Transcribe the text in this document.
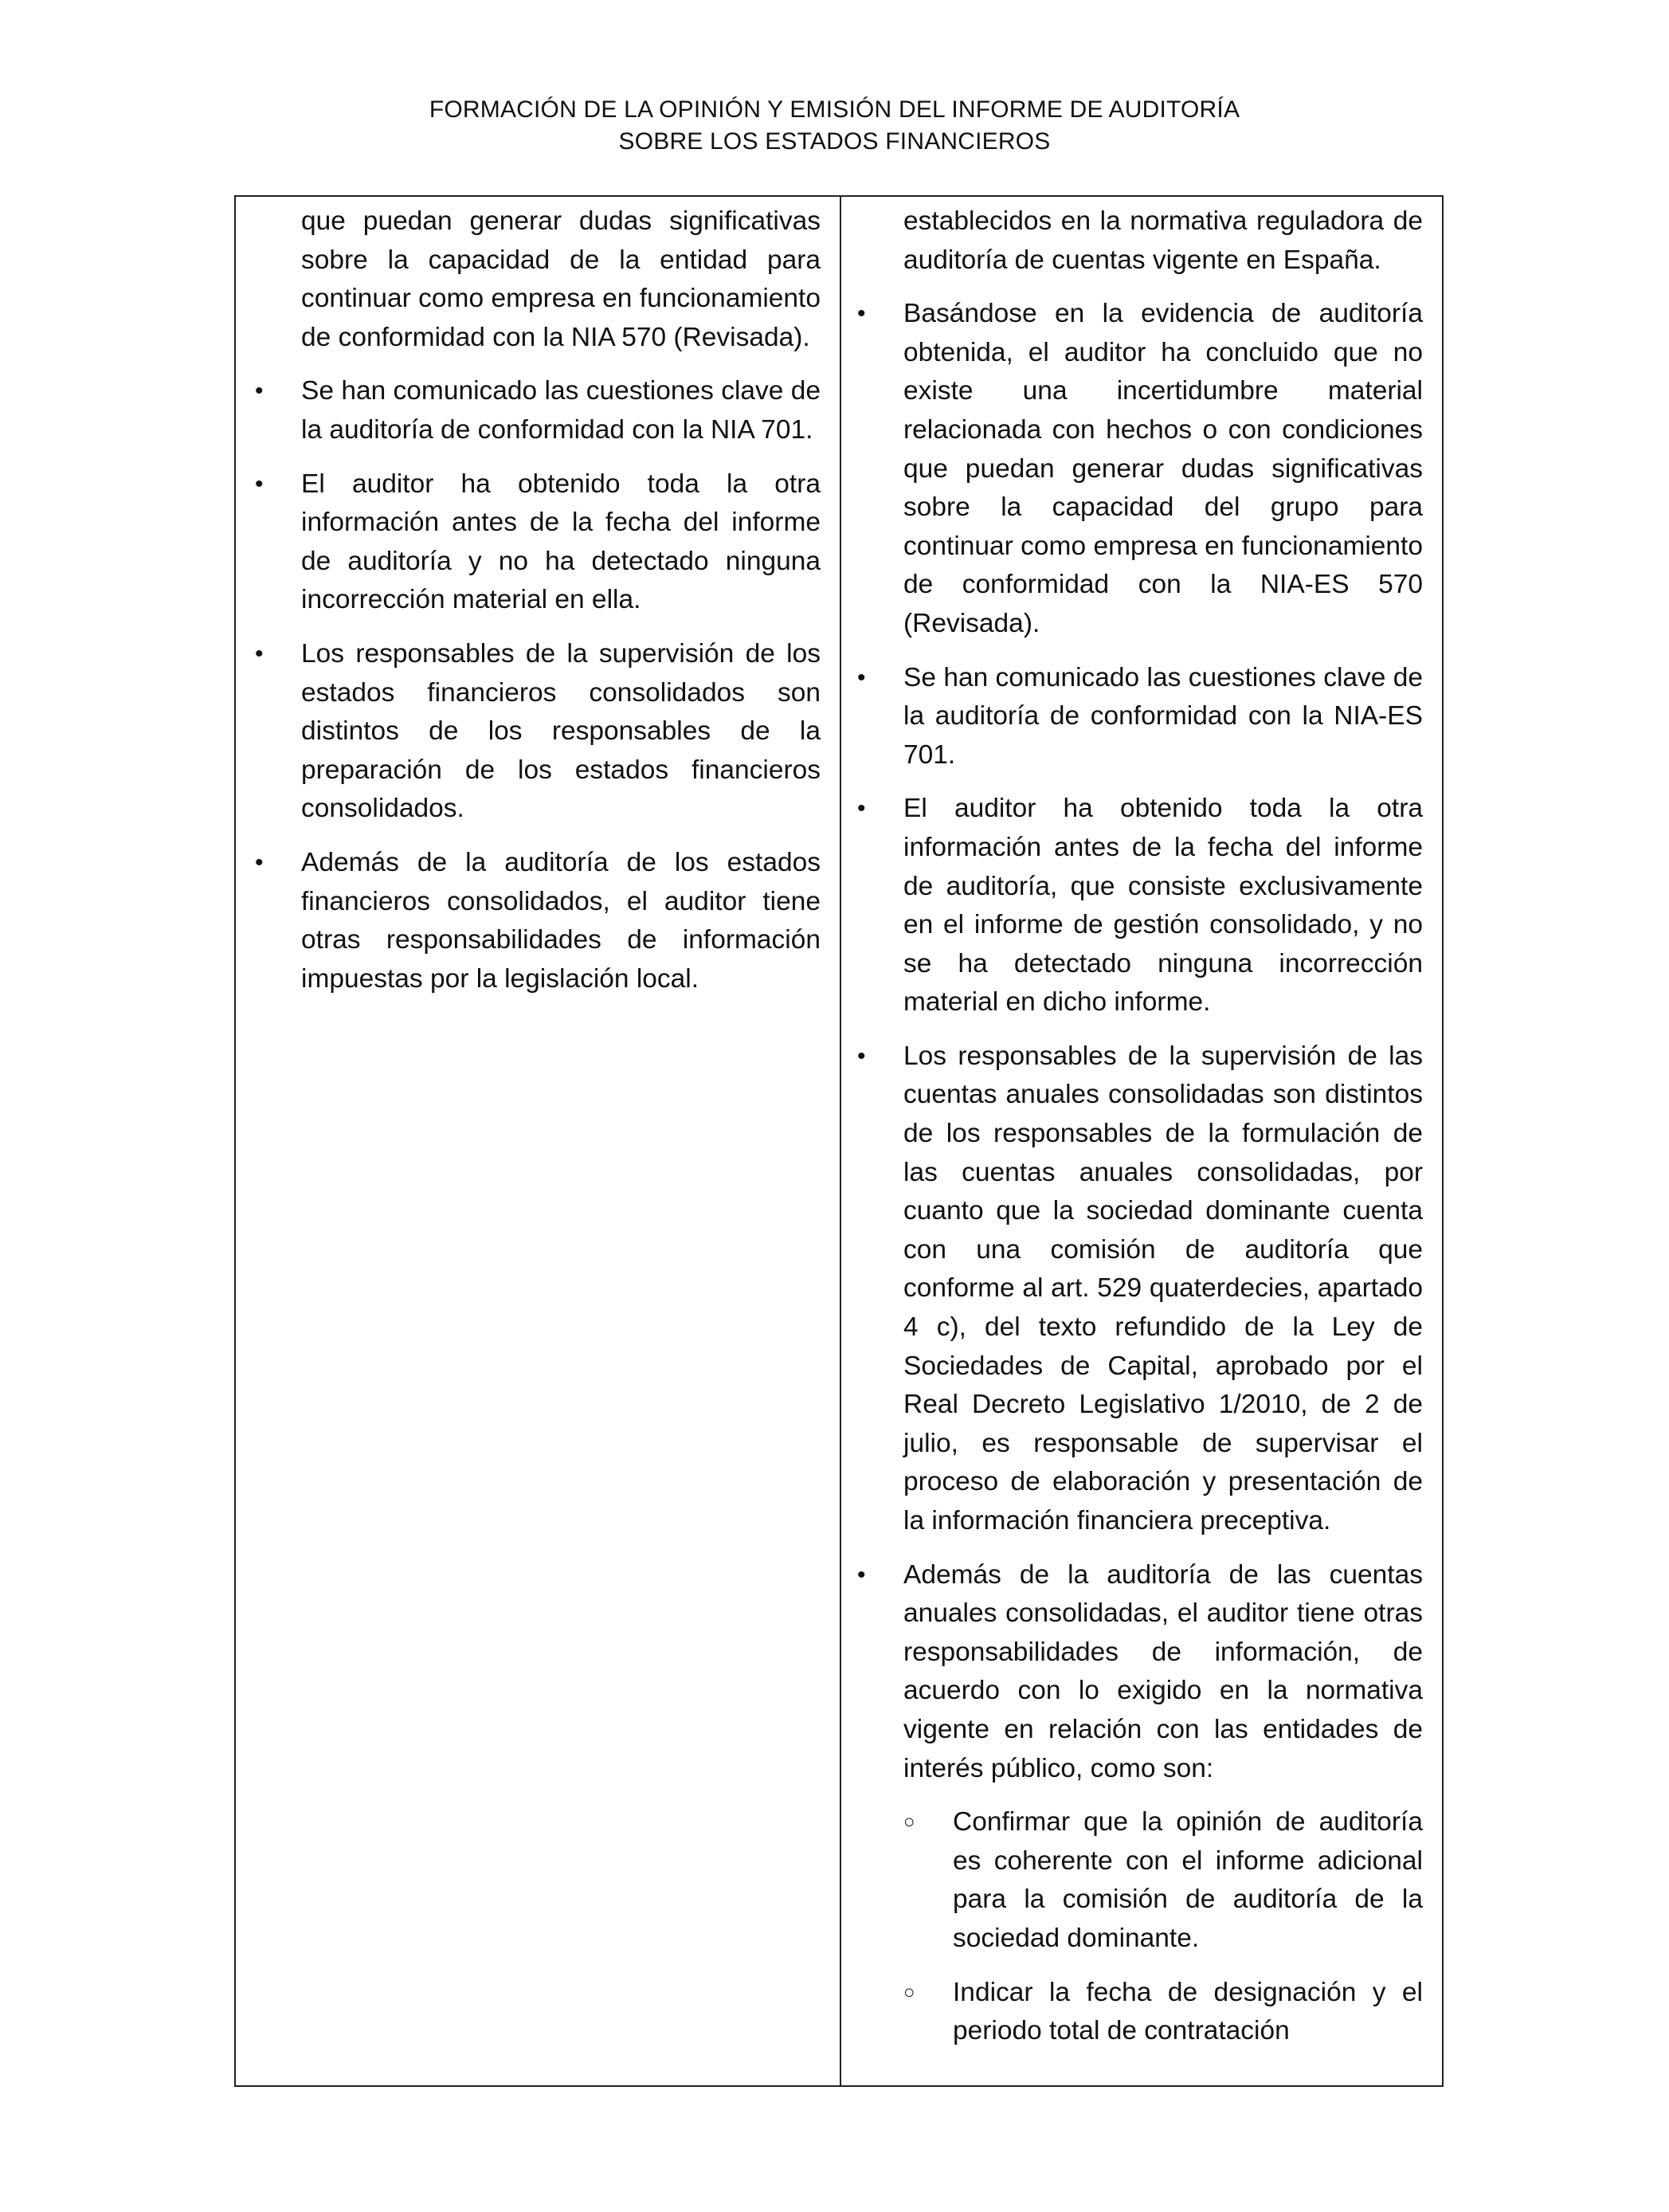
FORMACIÓN DE LA OPINIÓN Y EMISIÓN DEL INFORME DE AUDITORÍA
SOBRE LOS ESTADOS FINANCIEROS

que puedan generar dudas significativas sobre la capacidad de la entidad para continuar como empresa en funcionamiento de conformidad con la NIA 570 (Revisada).

• Se han comunicado las cuestiones clave de la auditoría de conformidad con la NIA 701.

• El auditor ha obtenido toda la otra información antes de la fecha del informe de auditoría y no ha detectado ninguna incorrección material en ella.

• Los responsables de la supervisión de los estados financieros consolidados son distintos de los responsables de la preparación de los estados financieros consolidados.

• Además de la auditoría de los estados financieros consolidados, el auditor tiene otras responsabilidades de información impuestas por la legislación local.

establecidos en la normativa reguladora de auditoría de cuentas vigente en España.

• Basándose en la evidencia de auditoría obtenida, el auditor ha concluido que no existe una incertidumbre material relacionada con hechos o con condiciones que puedan generar dudas significativas sobre la capacidad del grupo para continuar como empresa en funcionamiento de conformidad con la NIA-ES 570 (Revisada).

• Se han comunicado las cuestiones clave de la auditoría de conformidad con la NIA-ES 701.

• El auditor ha obtenido toda la otra información antes de la fecha del informe de auditoría, que consiste exclusivamente en el informe de gestión consolidado, y no se ha detectado ninguna incorrección material en dicho informe.

• Los responsables de la supervisión de las cuentas anuales consolidadas son distintos de los responsables de la formulación de las cuentas anuales consolidadas, por cuanto que la sociedad dominante cuenta con una comisión de auditoría que conforme al art. 529 quaterdecies, apartado 4 c), del texto refundido de la Ley de Sociedades de Capital, aprobado por el Real Decreto Legislativo 1/2010, de 2 de julio, es responsable de supervisar el proceso de elaboración y presentación de la información financiera preceptiva.

• Además de la auditoría de las cuentas anuales consolidadas, el auditor tiene otras responsabilidades de información, de acuerdo con lo exigido en la normativa vigente en relación con las entidades de interés público, como son:

○ Confirmar que la opinión de auditoría es coherente con el informe adicional para la comisión de auditoría de la sociedad dominante.

○ Indicar la fecha de designación y el periodo total de contratación
